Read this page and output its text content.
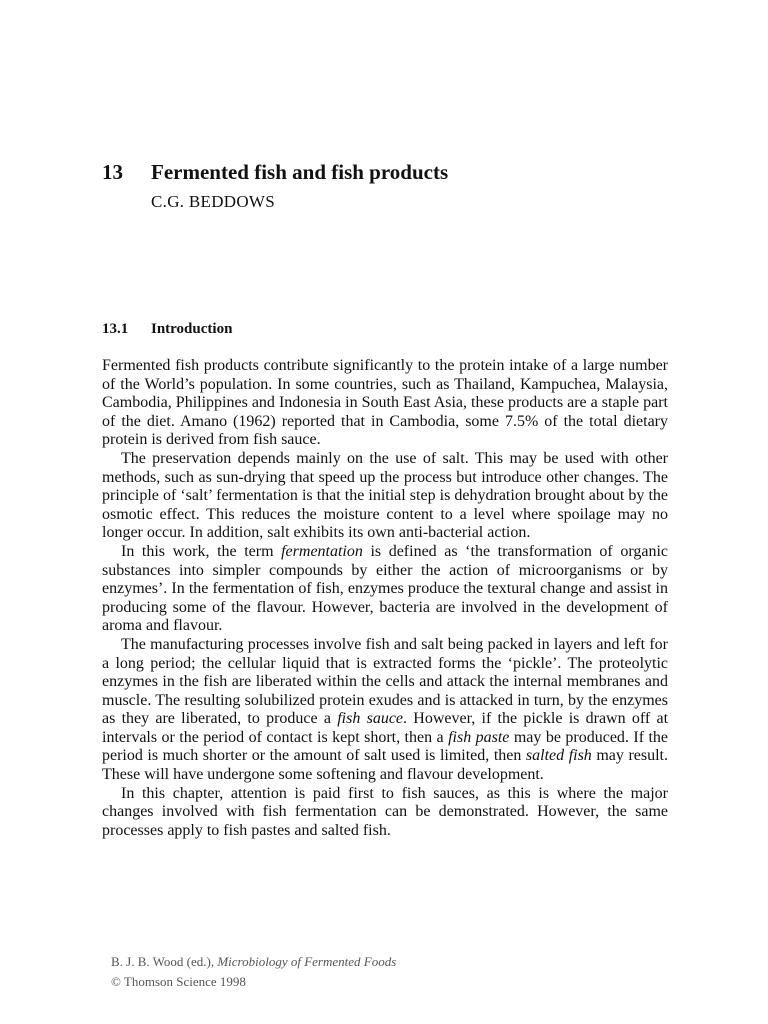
13 Fermented fish and fish products
C.G. BEDDOWS
13.1 Introduction

Fermented fish products contribute significantly to the protein intake of a large number of the World’s population. In some countries, such as Thailand, Kampuchea, Malaysia, Cambodia, Philippines and Indonesia in South East Asia, these products are a staple part of the diet. Amano (1962) reported that in Cambodia, some 7.5% of the total dietary protein is derived from fish sauce.

The preservation depends mainly on the use of salt. This may be used with other methods, such as sun-drying that speed up the process but introduce other changes. The principle of ‘salt’ fermentation is that the initial step is dehydration brought about by the osmotic effect. This reduces the moisture content to a level where spoilage may no longer occur. In addition, salt exhibits its own anti-bacterial action.

In this work, the term fermentation is defined as ‘the transformation of organic substances into simpler compounds by either the action of microorganisms or by enzymes’. In the fermentation of fish, enzymes produce the textural change and assist in producing some of the flavour. However, bacteria are involved in the development of aroma and flavour.

The manufacturing processes involve fish and salt being packed in layers and left for a long period; the cellular liquid that is extracted forms the ‘pickle’. The proteolytic enzymes in the fish are liberated within the cells and attack the internal membranes and muscle. The resulting solubilized protein exudes and is attacked in turn, by the enzymes as they are liberated, to produce a fish sauce. However, if the pickle is drawn off at intervals or the period of contact is kept short, then a fish paste may be produced. If the period is much shorter or the amount of salt used is limited, then salted fish may result. These will have undergone some softening and flavour development.

In this chapter, attention is paid first to fish sauces, as this is where the major changes involved with fish fermentation can be demonstrated. However, the same processes apply to fish pastes and salted fish.

B. J. B. Wood (ed.), Microbiology of Fermented Foods
© Thomson Science 1998
